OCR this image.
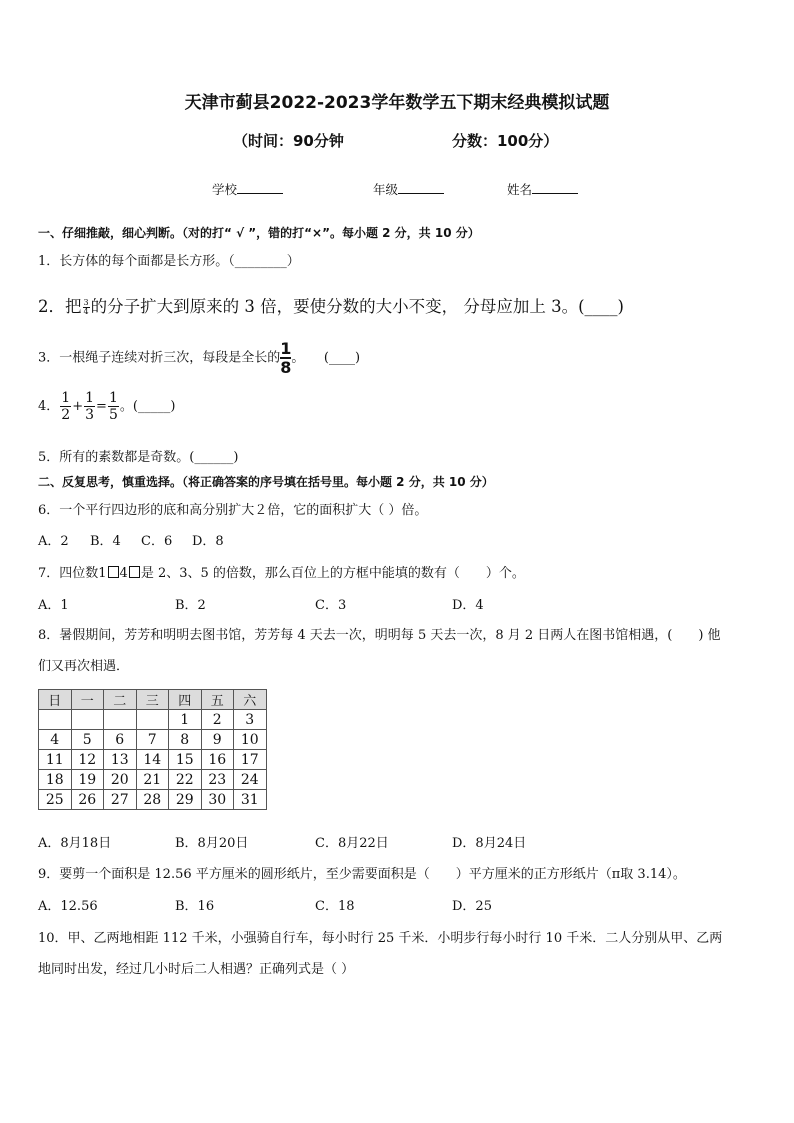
天津市蓟县2022-2023学年数学五下期末经典模拟试题
（时间：90分钟	分数：100分）
学校	年级	姓名
一、仔细推敲，细心判断。（对的打“ √ ”，错的打“×”。每小题 2 分，共 10 分）
1．长方体的每个面都是长方形。（________）
2．把 $\frac{3}{4}$ 的分子扩大到原来的 3 倍，要使分数的大小不变， 分母应加上 3。(____)
3．一根绳子连续对折三次，每段是全长的 $\frac{1}{8}$ 。　　(____)
4． $\frac{1}{2} + \frac{1}{3} = \frac{1}{5}$ 。(_____)
5．所有的素数都是奇数。(______)
二、反复思考，慎重选择。（将正确答案的序号填在括号里。每小题 2 分，共 10 分）
6．一个平行四边形的底和高分别扩大２倍，它的面积扩大（ ）倍。
A．2 B．4 C．6 D．8
7．四位数1 4 是 2、3、5 的倍数，那么百位上的方框中能填的数有（　　）个。
A．1	B．2	C．3	D．4
8．暑假期间，芳芳和明明去图书馆，芳芳每 4 天去一次，明明每 5 天去一次，8 月 2 日两人在图书馆相遇，(　　) 他
们又再次相遇．
日	一	二	三	四	五	六
				1	2	3
4	5	6	7	8	9	10
11	12	13	14	15	16	17
18	19	20	21	22	23	24
25	26	27	28	29	30	31
A．8月18日	B．8月20日	C．8月22日	D．8月24日
9．要剪一个面积是 12.56 平方厘米的圆形纸片，至少需要面积是（　　）平方厘米的正方形纸片（π取 3.14）。
A．12.56	B．16	C．18	D．25
10．甲、乙两地相距 112 千米，小强骑自行车，每小时行 25 千米．小明步行每小时行 10 千米．二人分别从甲、乙两
地同时出发，经过几小时后二人相遇？正确列式是（ ）
